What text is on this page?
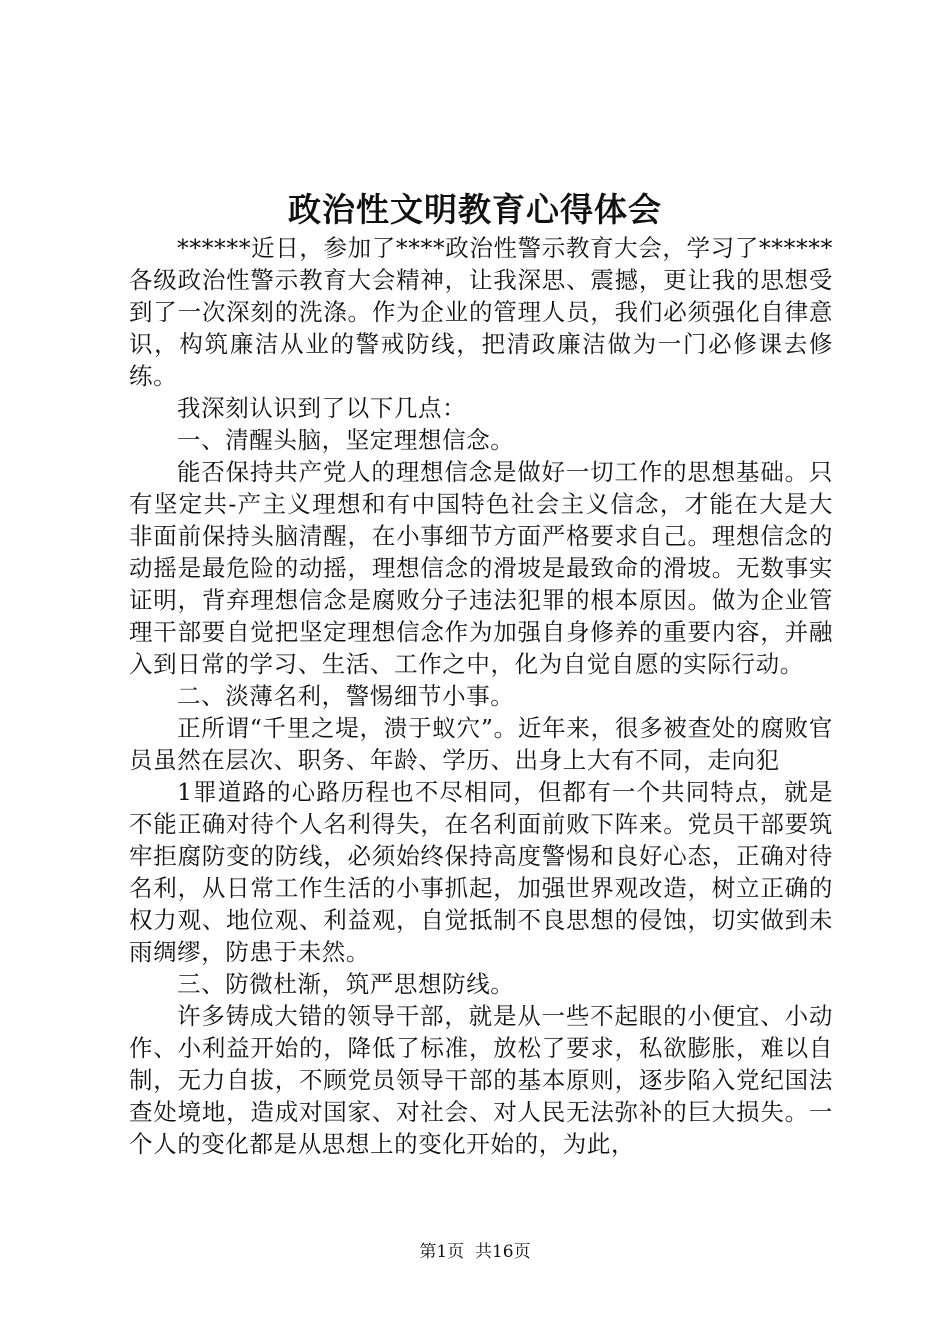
政治性文明教育心得体会

******近日，参加了****政治性警示教育大会，学习了******各级政治性警示教育大会精神，让我深思、震撼，更让我的思想受到了一次深刻的洗涤。作为企业的管理人员，我们必须强化自律意识，构筑廉洁从业的警戒防线，把清政廉洁做为一门必修课去修练。

我深刻认识到了以下几点：

一、清醒头脑，坚定理想信念。

能否保持共产党人的理想信念是做好一切工作的思想基础。只有坚定共-产主义理想和有中国特色社会主义信念，才能在大是大非面前保持头脑清醒，在小事细节方面严格要求自己。理想信念的动摇是最危险的动摇，理想信念的滑坡是最致命的滑坡。无数事实证明，背弃理想信念是腐败分子违法犯罪的根本原因。做为企业管理干部要自觉把坚定理想信念作为加强自身修养的重要内容，并融入到日常的学习、生活、工作之中，化为自觉自愿的实际行动。

二、淡薄名利，警惕细节小事。

正所谓“千里之堤，溃于蚁穴”。近年来，很多被查处的腐败官员虽然在层次、职务、年龄、学历、出身上大有不同，走向犯

1罪道路的心路历程也不尽相同，但都有一个共同特点，就是不能正确对待个人名利得失，在名利面前败下阵来。党员干部要筑牢拒腐防变的防线，必须始终保持高度警惕和良好心态，正确对待名利，从日常工作生活的小事抓起，加强世界观改造，树立正确的权力观、地位观、利益观，自觉抵制不良思想的侵蚀，切实做到未雨绸缪，防患于未然。

三、防微杜渐，筑严思想防线。

许多铸成大错的领导干部，就是从一些不起眼的小便宜、小动作、小利益开始的，降低了标准，放松了要求，私欲膨胀，难以自制，无力自拔，不顾党员领导干部的基本原则，逐步陷入党纪国法查处境地，造成对国家、对社会、对人民无法弥补的巨大损失。一个人的变化都是从思想上的变化开始的，为此，

第1页  共16页
